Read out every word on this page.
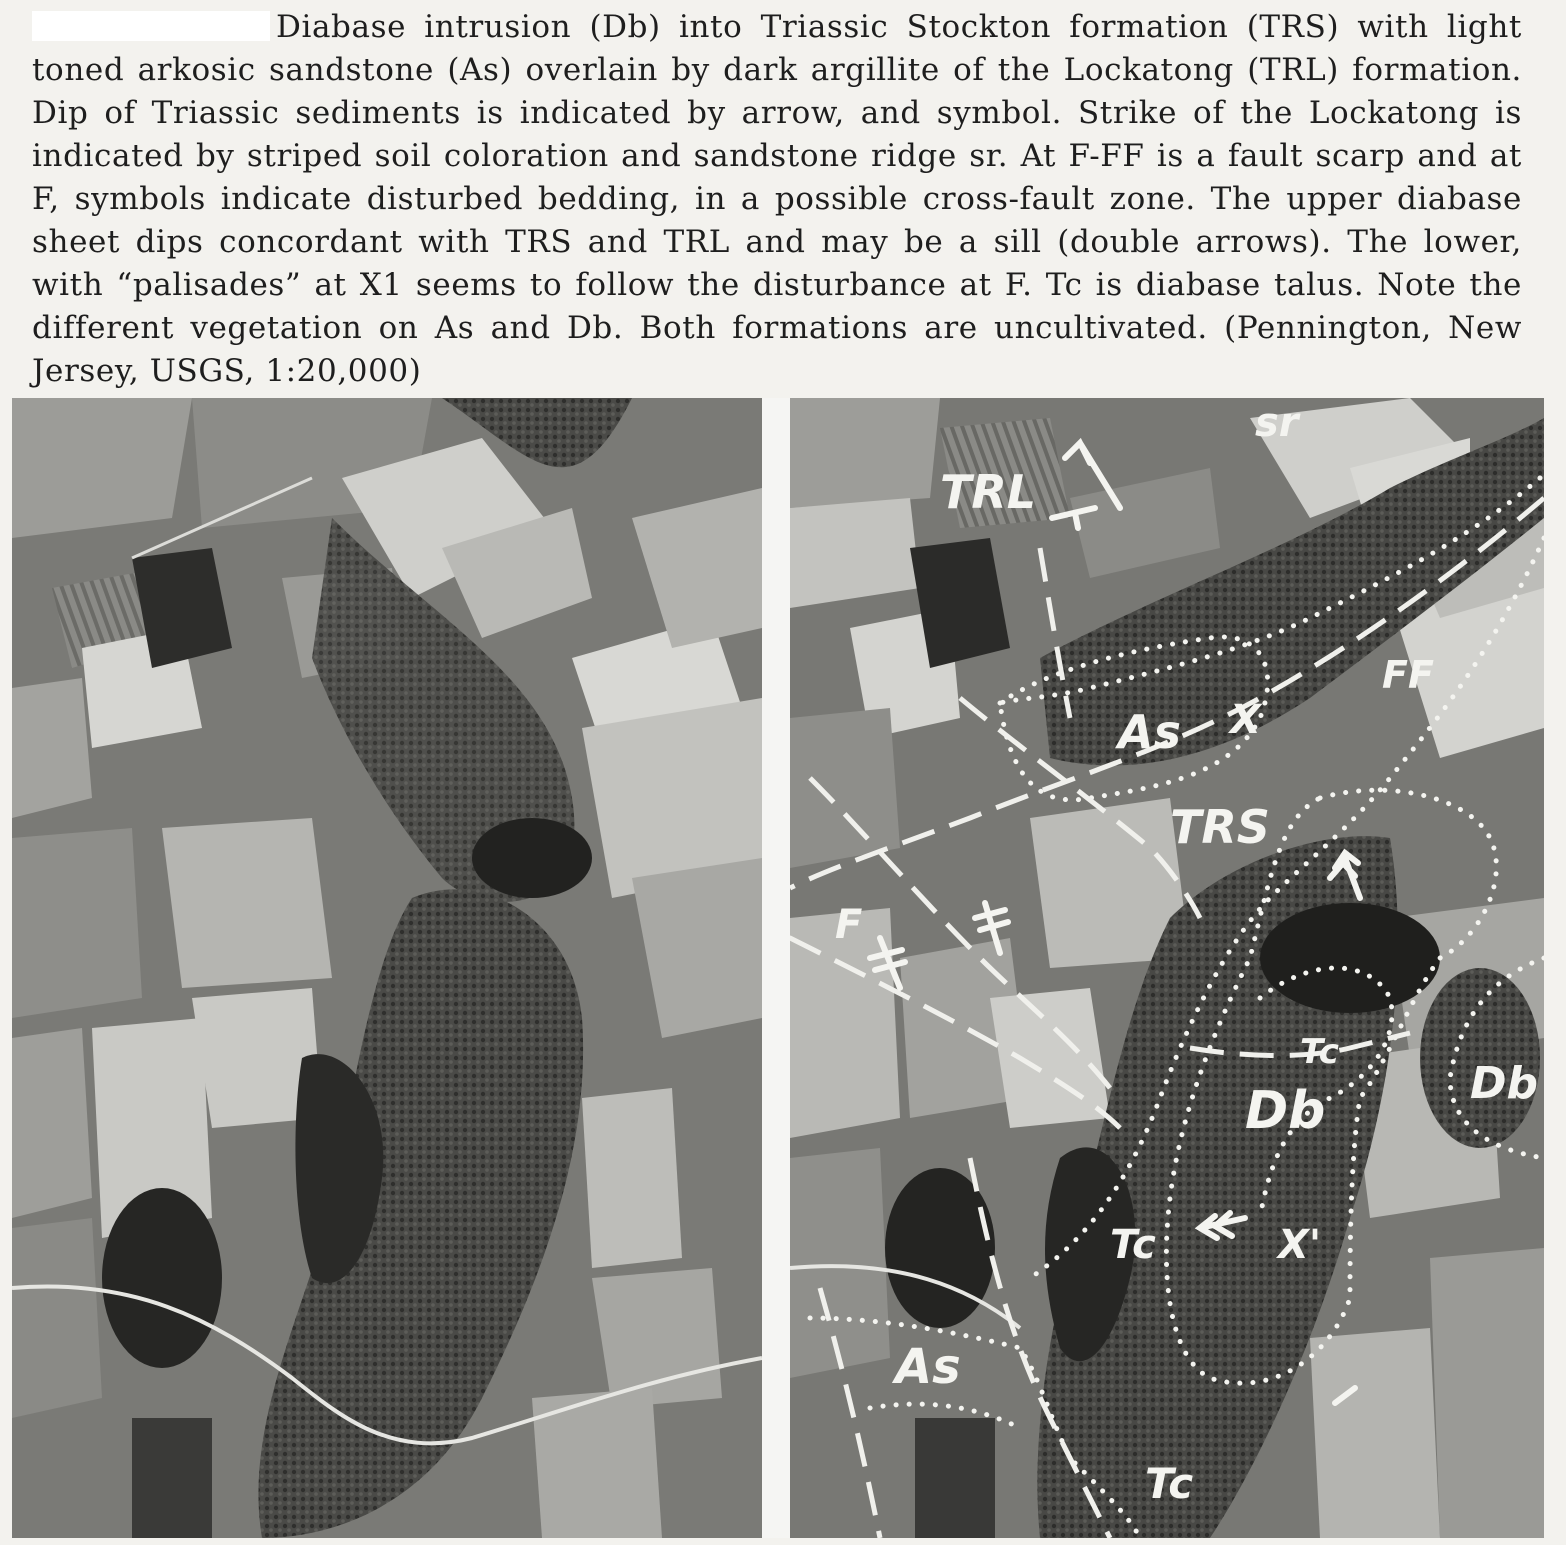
Diabase intrusion (Db) into Triassic Stockton formation (TRS) with light toned arkosic sandstone (As) overlain by dark argillite of the Lockatong (TRL) formation. Dip of Triassic sediments is indicated by arrow, and symbol. Strike of the Lockatong is indicated by striped soil coloration and sandstone ridge sr. At F-FF is a fault scarp and at F, symbols indicate disturbed bedding, in a possible cross-fault zone. The upper diabase sheet dips concordant with TRS and TRL and may be a sill (double arrows). The lower, with “palisades” at X1 seems to follow the disturbance at F. Tc is diabase talus. Note the different vegetation on As and Db. Both formations are uncultivated. (Pennington, New Jersey, USGS, 1:20,000)

TRL
sr
FF
As X
TRS
F
Tc
Db	Db
Tc	X'
As
Tc
